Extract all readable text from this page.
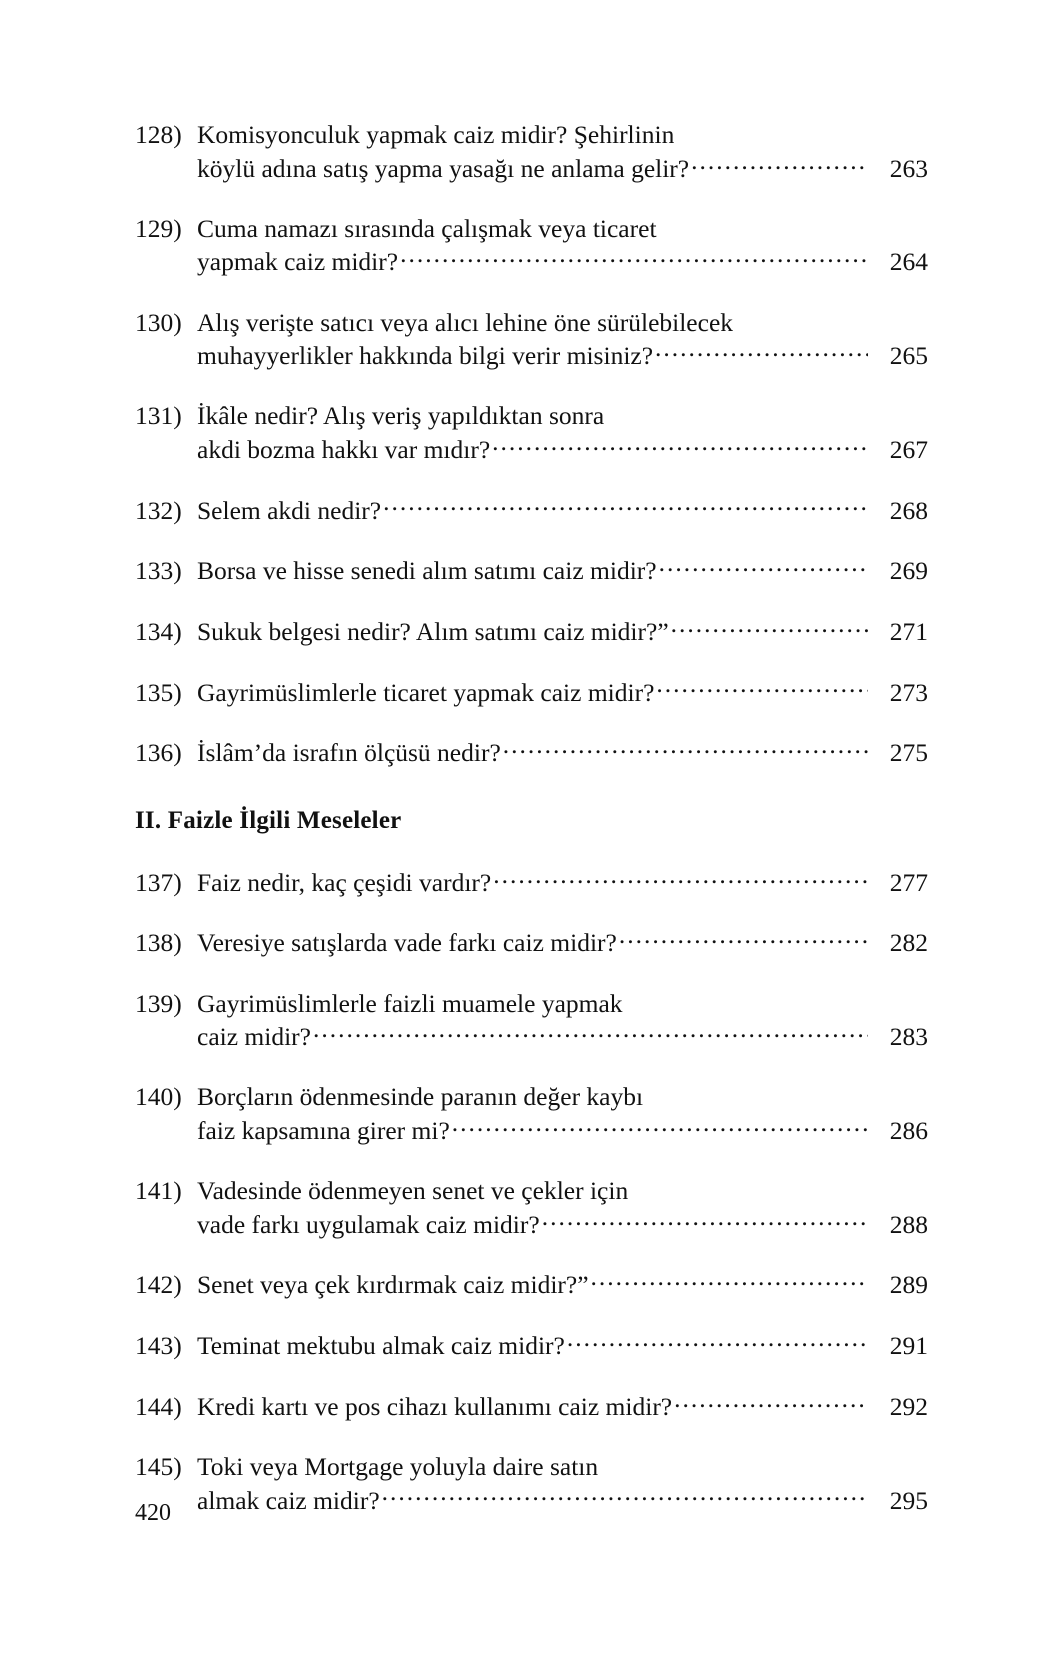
128) Komisyonculuk yapmak caiz midir? Şehirlinin
köylü adına satış yapma yasağı ne anlama gelir? .....	263
129) Cuma namazı sırasında çalışmak veya ticaret
yapmak caiz midir? .....	264
130) Alış verişte satıcı veya alıcı lehine öne sürülebilecek
muhayyerlikler hakkında bilgi verir misiniz? .....	265
131) İkâle nedir? Alış veriş yapıldıktan sonra
akdi bozma hakkı var mıdır? .....	267
132) Selem akdi nedir? .....	268
133) Borsa ve hisse senedi alım satımı caiz midir? .....	269
134) Sukuk belgesi nedir? Alım satımı caiz midir?” .....	271
135) Gayrimüslimlerle ticaret yapmak caiz midir? .....	273
136) İslâm’da israfın ölçüsü nedir? .....	275
II. Faizle İlgili Meseleler
137) Faiz nedir, kaç çeşidi vardır? .....	277
138) Veresiye satışlarda vade farkı caiz midir? .....	282
139) Gayrimüslimlerle faizli muamele yapmak
caiz midir? .....	283
140) Borçların ödenmesinde paranın değer kaybı
faiz kapsamına girer mi? .....	286
141) Vadesinde ödenmeyen senet ve çekler için
vade farkı uygulamak caiz midir? .....	288
142) Senet veya çek kırdırmak caiz midir?” .....	289
143) Teminat mektubu almak caiz midir? .....	291
144) Kredi kartı ve pos cihazı kullanımı caiz midir? .....	292
145) Toki veya Mortgage yoluyla daire satın
almak caiz midir? .....	295
420
